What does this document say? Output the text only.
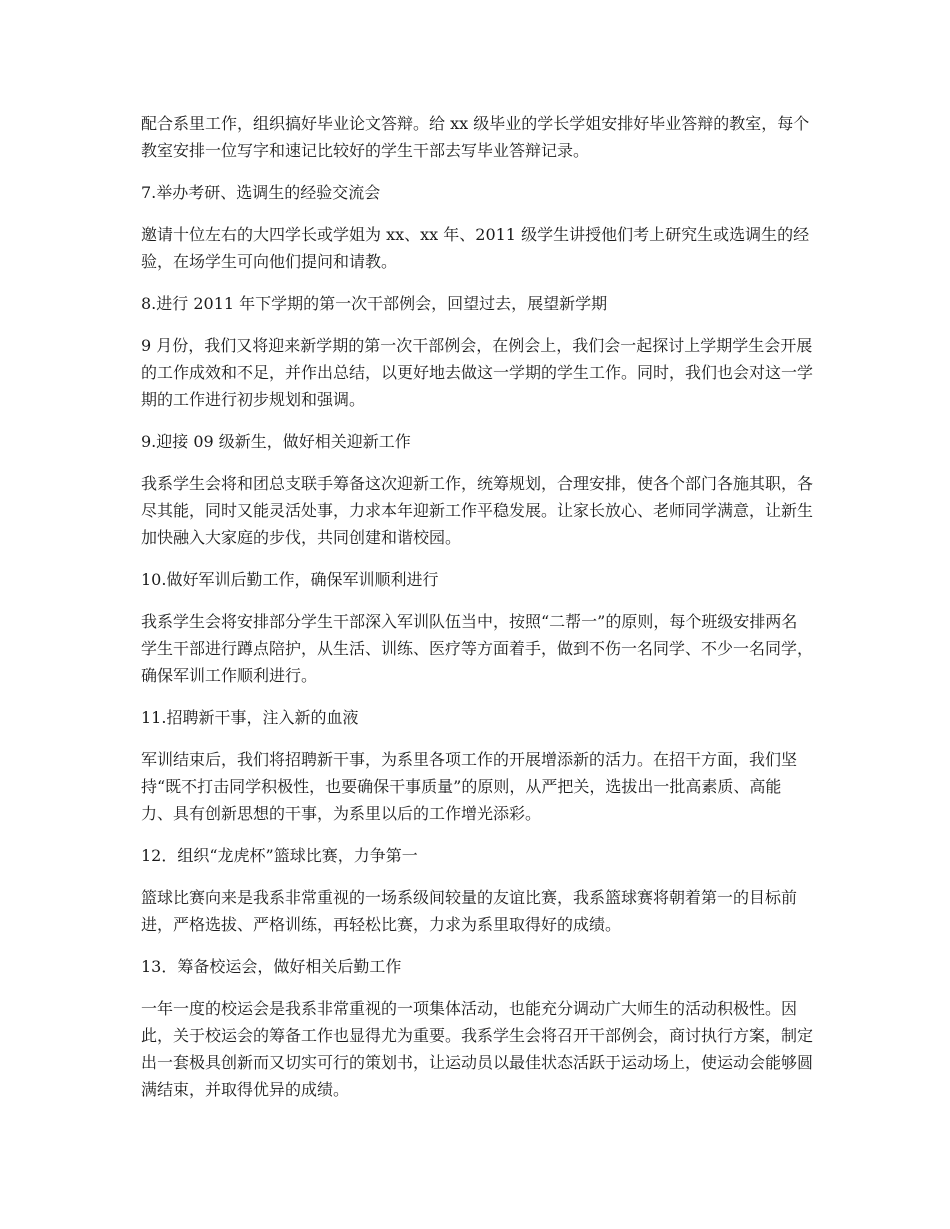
配合系里工作，组织搞好毕业论文答辩。给 xx 级毕业的学长学姐安排好毕业答辩的教室，每个教室安排一位写字和速记比较好的学生干部去写毕业答辩记录。

7.举办考研、选调生的经验交流会

邀请十位左右的大四学长或学姐为 xx、xx 年、2011 级学生讲授他们考上研究生或选调生的经验，在场学生可向他们提问和请教。

8.进行 2011 年下学期的第一次干部例会，回望过去，展望新学期

9 月份，我们又将迎来新学期的第一次干部例会，在例会上，我们会一起探讨上学期学生会开展的工作成效和不足，并作出总结，以更好地去做这一学期的学生工作。同时，我们也会对这一学期的工作进行初步规划和强调。

9.迎接 09 级新生，做好相关迎新工作

我系学生会将和团总支联手筹备这次迎新工作，统筹规划，合理安排，使各个部门各施其职，各尽其能，同时又能灵活处事，力求本年迎新工作平稳发展。让家长放心、老师同学满意，让新生加快融入大家庭的步伐，共同创建和谐校园。

10.做好军训后勤工作，确保军训顺利进行

我系学生会将安排部分学生干部深入军训队伍当中，按照“二帮一”的原则，每个班级安排两名学生干部进行蹲点陪护，从生活、训练、医疗等方面着手，做到不伤一名同学、不少一名同学，确保军训工作顺利进行。

11.招聘新干事，注入新的血液

军训结束后，我们将招聘新干事，为系里各项工作的开展增添新的活力。在招干方面，我们坚持“既不打击同学积极性，也要确保干事质量”的原则，从严把关，选拔出一批高素质、高能力、具有创新思想的干事，为系里以后的工作增光添彩。

12．组织“龙虎杯”篮球比赛，力争第一

篮球比赛向来是我系非常重视的一场系级间较量的友谊比赛，我系篮球赛将朝着第一的目标前进，严格选拔、严格训练，再轻松比赛，力求为系里取得好的成绩。

13．筹备校运会，做好相关后勤工作

一年一度的校运会是我系非常重视的一项集体活动，也能充分调动广大师生的活动积极性。因此，关于校运会的筹备工作也显得尤为重要。我系学生会将召开干部例会，商讨执行方案，制定出一套极具创新而又切实可行的策划书，让运动员以最佳状态活跃于运动场上，使运动会能够圆满结束，并取得优异的成绩。
